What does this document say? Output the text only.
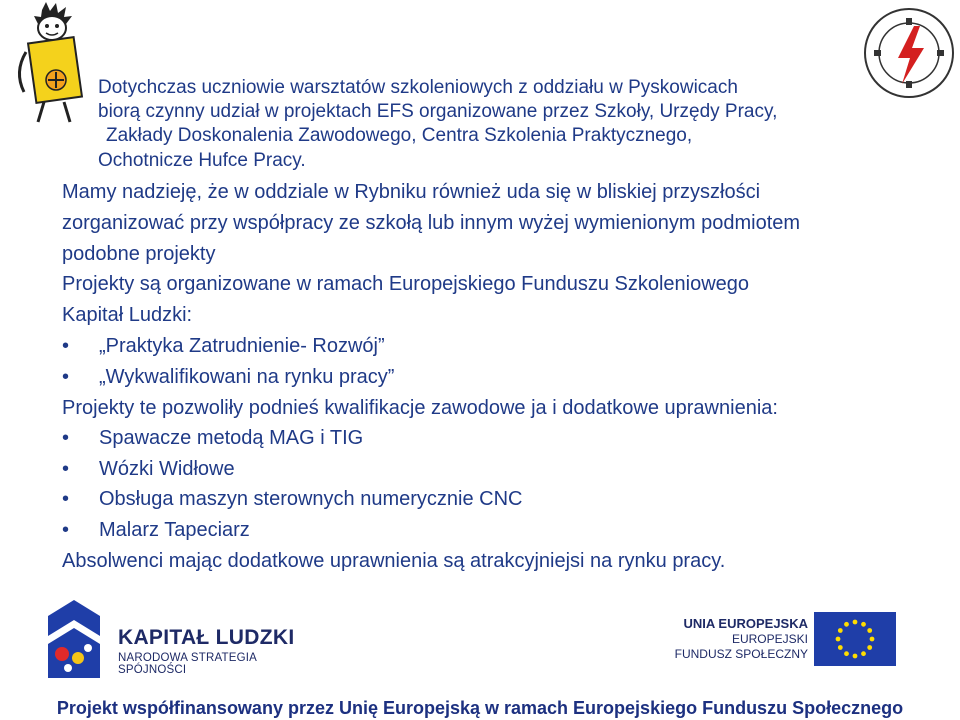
Dotychczas uczniowie warsztatów szkoleniowych z oddziału w Pyskowicach
biorą czynny udział w projektach EFS organizowane przez Szkoły, Urzędy Pracy,
Zakłady Doskonalenia Zawodowego, Centra Szkolenia Praktycznego,
Ochotnicze Hufce Pracy.
Mamy nadzieję, że w oddziale w Rybniku również uda się w bliskiej przyszłości
zorganizować przy współpracy ze szkołą lub innym wyżej wymienionym podmiotem
podobne projekty
Projekty są organizowane w ramach Europejskiego Funduszu Szkoleniowego
Kapitał Ludzki:
•	„Praktyka Zatrudnienie- Rozwój”
•	„Wykwalifikowani na rynku pracy”
Projekty te pozwoliły podnieś kwalifikacje zawodowe ja i dodatkowe uprawnienia:
•	Spawacze metodą MAG i TIG
•	Wózki Widłowe
•	Obsługa maszyn sterownych numerycznie CNC
•	Malarz Tapeciarz
Absolwenci mając dodatkowe uprawnienia są atrakcyjniejsi na rynku pracy.
KAPITAŁ LUDZKI
NARODOWA STRATEGIA SPÓJNOŚCI
UNIA EUROPEJSKA
EUROPEJSKI
FUNDUSZ SPOŁECZNY
Projekt współfinansowany przez Unię Europejską w ramach Europejskiego Funduszu Społecznego
